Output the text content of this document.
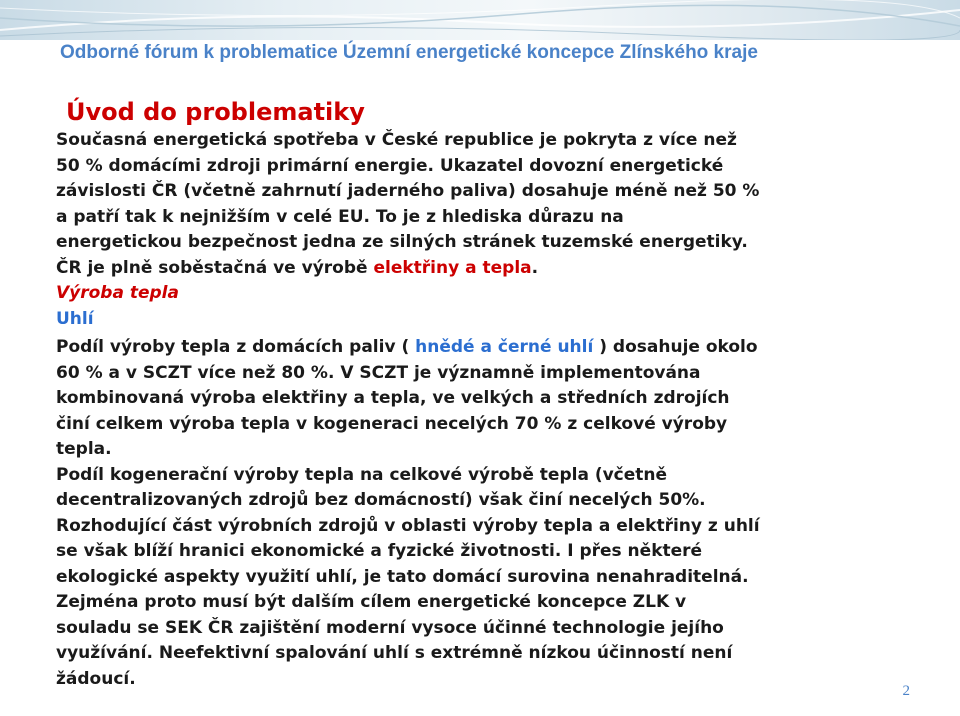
Odborné fórum k problematice Územní energetické koncepce Zlínského kraje
Úvod do problematiky
Současná energetická spotřeba v České republice je pokryta z více než
50 % domácími zdroji primární energie. Ukazatel dovozní energetické
závislosti ČR (včetně zahrnutí jaderného paliva) dosahuje méně než 50 %
a patří tak k nejnižším v celé EU. To je z hlediska důrazu na
energetickou bezpečnost jedna ze silných stránek tuzemské energetiky.
ČR je plně soběstačná ve výrobě elektřiny a tepla.
Výroba tepla
Uhlí
Podíl výroby tepla z domácích paliv ( hnědé a černé uhlí ) dosahuje okolo
60 % a v SCZT více než 80 %. V SCZT je významně implementována
kombinovaná výroba elektřiny a tepla, ve velkých a středních zdrojích
činí celkem výroba tepla v kogeneraci necelých 70 % z celkové výroby
tepla.
Podíl kogenerační výroby tepla na celkové výrobě tepla (včetně
decentralizovaných zdrojů bez domácností) však činí necelých 50%.
Rozhodující část výrobních zdrojů v oblasti výroby tepla a elektřiny z uhlí
se však blíží hranici ekonomické a fyzické životnosti. I přes některé
ekologické aspekty využití uhlí, je tato domácí surovina nenahraditelná.
Zejména proto musí být dalším cílem energetické koncepce ZLK v
souladu se SEK ČR zajištění moderní vysoce účinné technologie jejího
využívání. Neefektivní spalování uhlí s extrémně nízkou účinností není
žádoucí.
2
